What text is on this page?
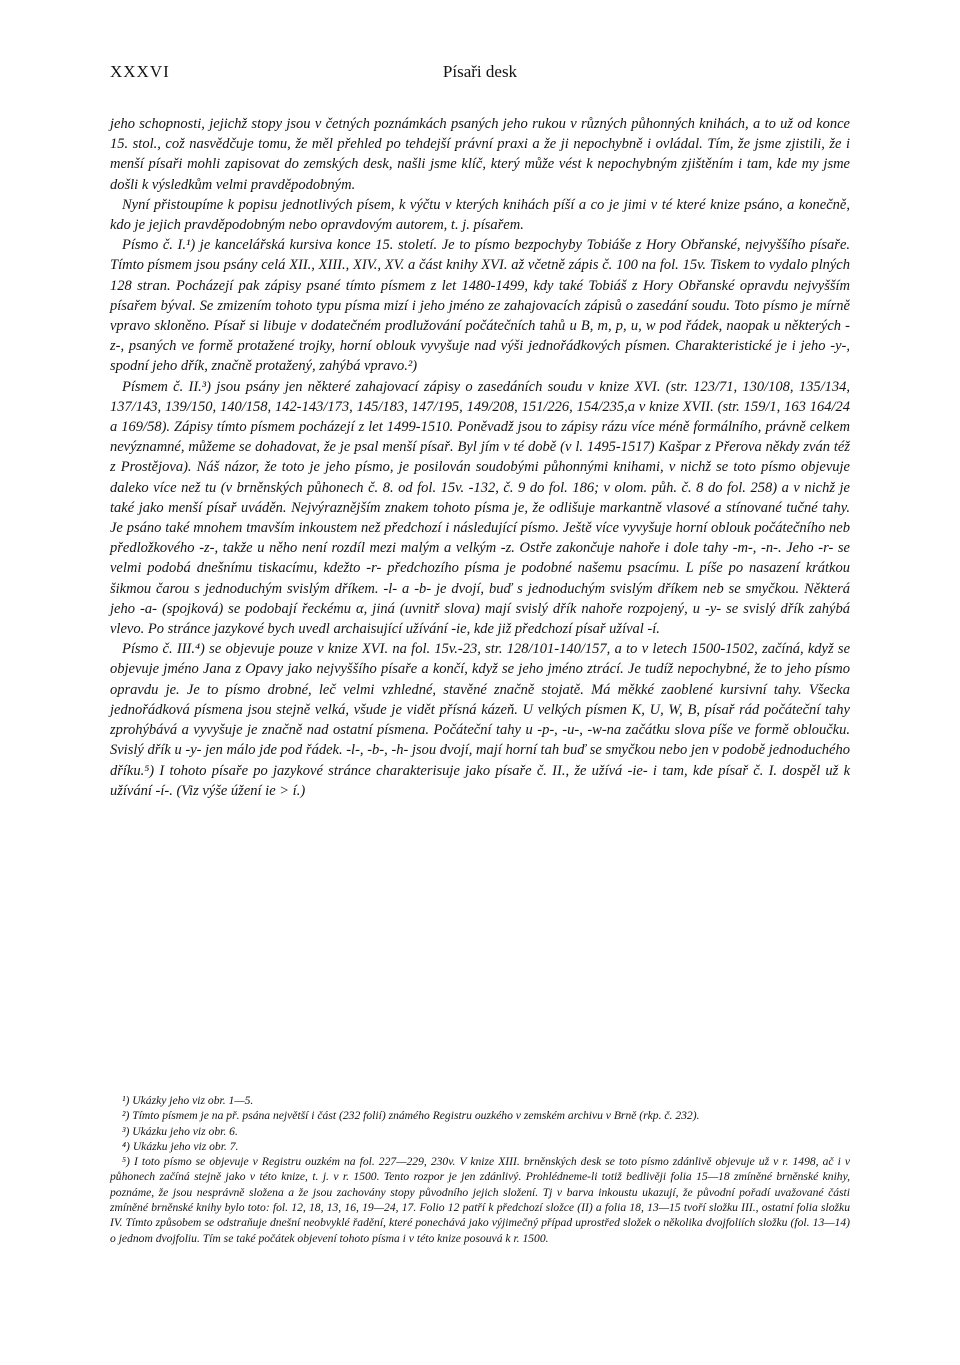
XXXVI	Písaři desk

jeho schopnosti, jejichž stopy jsou v četných poznámkách psaných jeho rukou v různých půhonných knihách, a to už od konce 15. stol., což nasvědčuje tomu, že měl přehled po tehdejší právní praxi a že ji nepochybně i ovládal. Tím, že jsme zjistili, že i menší písaři mohli zapisovat do zemských desk, našli jsme klíč, který může vést k nepochybným zjištěním i tam, kde my jsme došli k výsledkům velmi pravděpodobným.

Nyní přistoupíme k popisu jednotlivých písem, k výčtu v kterých knihách píší a co je jimi v té které knize psáno, a konečně, kdo je jejich pravděpodobným nebo opravdovým autorem, t. j. písařem.

Písmo č. I.¹) je kancelářská kursiva konce 15. století. Je to písmo bezpochyby Tobiáše z Hory Obřanské, nejvyššího písaře. Tímto písmem jsou psány celá XII., XIII., XIV., XV. a část knihy XVI. až včetně zápis č. 100 na fol. 15v. Tiskem to vydalo plných 128 stran. Pocházejí pak zápisy psané tímto písmem z let 1480-1499, kdy také Tobiáš z Hory Obřanské opravdu nejvyšším písařem býval. Se zmizením tohoto typu písma mizí i jeho jméno ze zahajovacích zápisů o zasedání soudu. Toto písmo je mírně vpravo skloněno. Písař si libuje v dodatečném prodlužování počátečních tahů u B, m, p, u, w pod řádek, naopak u některých -z-, psaných ve formě protažené trojky, horní oblouk vyvyšuje nad výši jednořádkových písmen. Charakteristické je i jeho -y-, spodní jeho dřík, značně protažený, zahýbá vpravo.²)

Písmem č. II.³) jsou psány jen některé zahajovací zápisy o zasedáních soudu v knize XVI. (str. 123/71, 130/108, 135/134, 137/143, 139/150, 140/158, 142-143/173, 145/183, 147/195, 149/208, 151/226, 154/235,a v knize XVII. (str. 159/1, 163 164/24 a 169/58). Zápisy tímto písmem pocházejí z let 1499-1510. Poněvadž jsou to zápisy rázu více méně formálního, právně celkem nevýznamné, můžeme se dohadovat, že je psal menší písař. Byl jím v té době (v l. 1495-1517) Kašpar z Přerova někdy zván též z Prostějova). Náš názor, že toto je jeho písmo, je posilován soudobými půhonnými knihami, v nichž se toto písmo objevuje daleko více než tu (v brněnských půhonech č. 8. od fol. 15v. -132, č. 9 do fol. 186; v olom. půh. č. 8 do fol. 258) a v nichž je také jako menší písař uváděn. Nejvýraznějším znakem tohoto písma je, že odlišuje markantně vlasové a stínované tučné tahy. Je psáno také mnohem tmavším inkoustem než předchozí i následující písmo. Ještě více vyvyšuje horní oblouk počátečního neb předložkového -z-, takže u něho není rozdíl mezi malým a velkým -z. Ostře zakončuje nahoře i dole tahy -m-, -n-. Jeho -r- se velmi podobá dnešnímu tiskacímu, kdežto -r- předchozího písma je podobné našemu psacímu. L píše po nasazení krátkou šikmou čarou s jednoduchým svislým dříkem. -l- a -b- je dvojí, buď s jednoduchým svislým dříkem neb se smyčkou. Některá jeho -a- (spojková) se podobají řeckému α, jiná (uvnitř slova) mají svislý dřík nahoře rozpojený, u -y- se svislý dřík zahýbá vlevo. Po stránce jazykové bych uvedl archaisující užívání -ie, kde již předchozí písař užíval -í.

Písmo č. III.⁴) se objevuje pouze v knize XVI. na fol. 15v.-23, str. 128/101-140/157, a to v letech 1500-1502, začíná, když se objevuje jméno Jana z Opavy jako nejvyššího písaře a končí, když se jeho jméno ztrácí. Je tudíž nepochybné, že to jeho písmo opravdu je. Je to písmo drobné, leč velmi vzhledné, stavěné značně stojatě. Má měkké zaoblené kursivní tahy. Všecka jednořádková písmena jsou stejně velká, všude je vidět přísná kázeň. U velkých písmen K, U, W, B, písař rád počáteční tahy zprohýbává a vyvyšuje je značně nad ostatní písmena. Počáteční tahy u -p-, -u-, -w-na začátku slova píše ve formě obloučku. Svislý dřík u -y- jen málo jde pod řádek. -l-, -b-, -h- jsou dvojí, mají horní tah buď se smyčkou nebo jen v podobě jednoduchého dříku.⁵) I tohoto písaře po jazykové stránce charakterisuje jako písaře č. II., že užívá -ie- i tam, kde písař č. I. dospěl už k užívání -í-. (Viz výše úžení ie > í.)

¹) Ukázky jeho viz obr. 1—5.

²) Tímto písmem je na př. psána největší i část (232 folií) známého Registru ouzkého v zemském archivu v Brně (rkp. č. 232).

³) Ukázku jeho viz obr. 6.

⁴) Ukázku jeho viz obr. 7.

⁵) I toto písmo se objevuje v Registru ouzkém na fol. 227—229, 230v. V knize XIII. brněnských desk se toto písmo zdánlivě objevuje už v r. 1498, ač i v půhonech začíná stejně jako v této knize, t. j. v r. 1500. Tento rozpor je jen zdánlivý. Prohlédneme-li totiž bedlivěji folia 15—18 zmíněné brněnské knihy, poznáme, že jsou nesprávně složena a že jsou zachovány stopy původního jejich složení. Tj v barva inkoustu ukazují, že původní pořadí uvažované části zmíněné brněnské knihy bylo toto: fol. 12, 18, 13, 16, 19—24, 17. Folio 12 patří k předchozí složce (II) a folia 18, 13—15 tvoří složku III., ostatní folia složku IV. Tímto způsobem se odstraňuje dnešní neobvyklé řadění, které ponechává jako výjimečný případ uprostřed složek o několika dvojfoliích složku (fol. 13—14) o jednom dvojfoliu. Tím se také počátek objevení tohoto písma i v této knize posouvá k r. 1500.
